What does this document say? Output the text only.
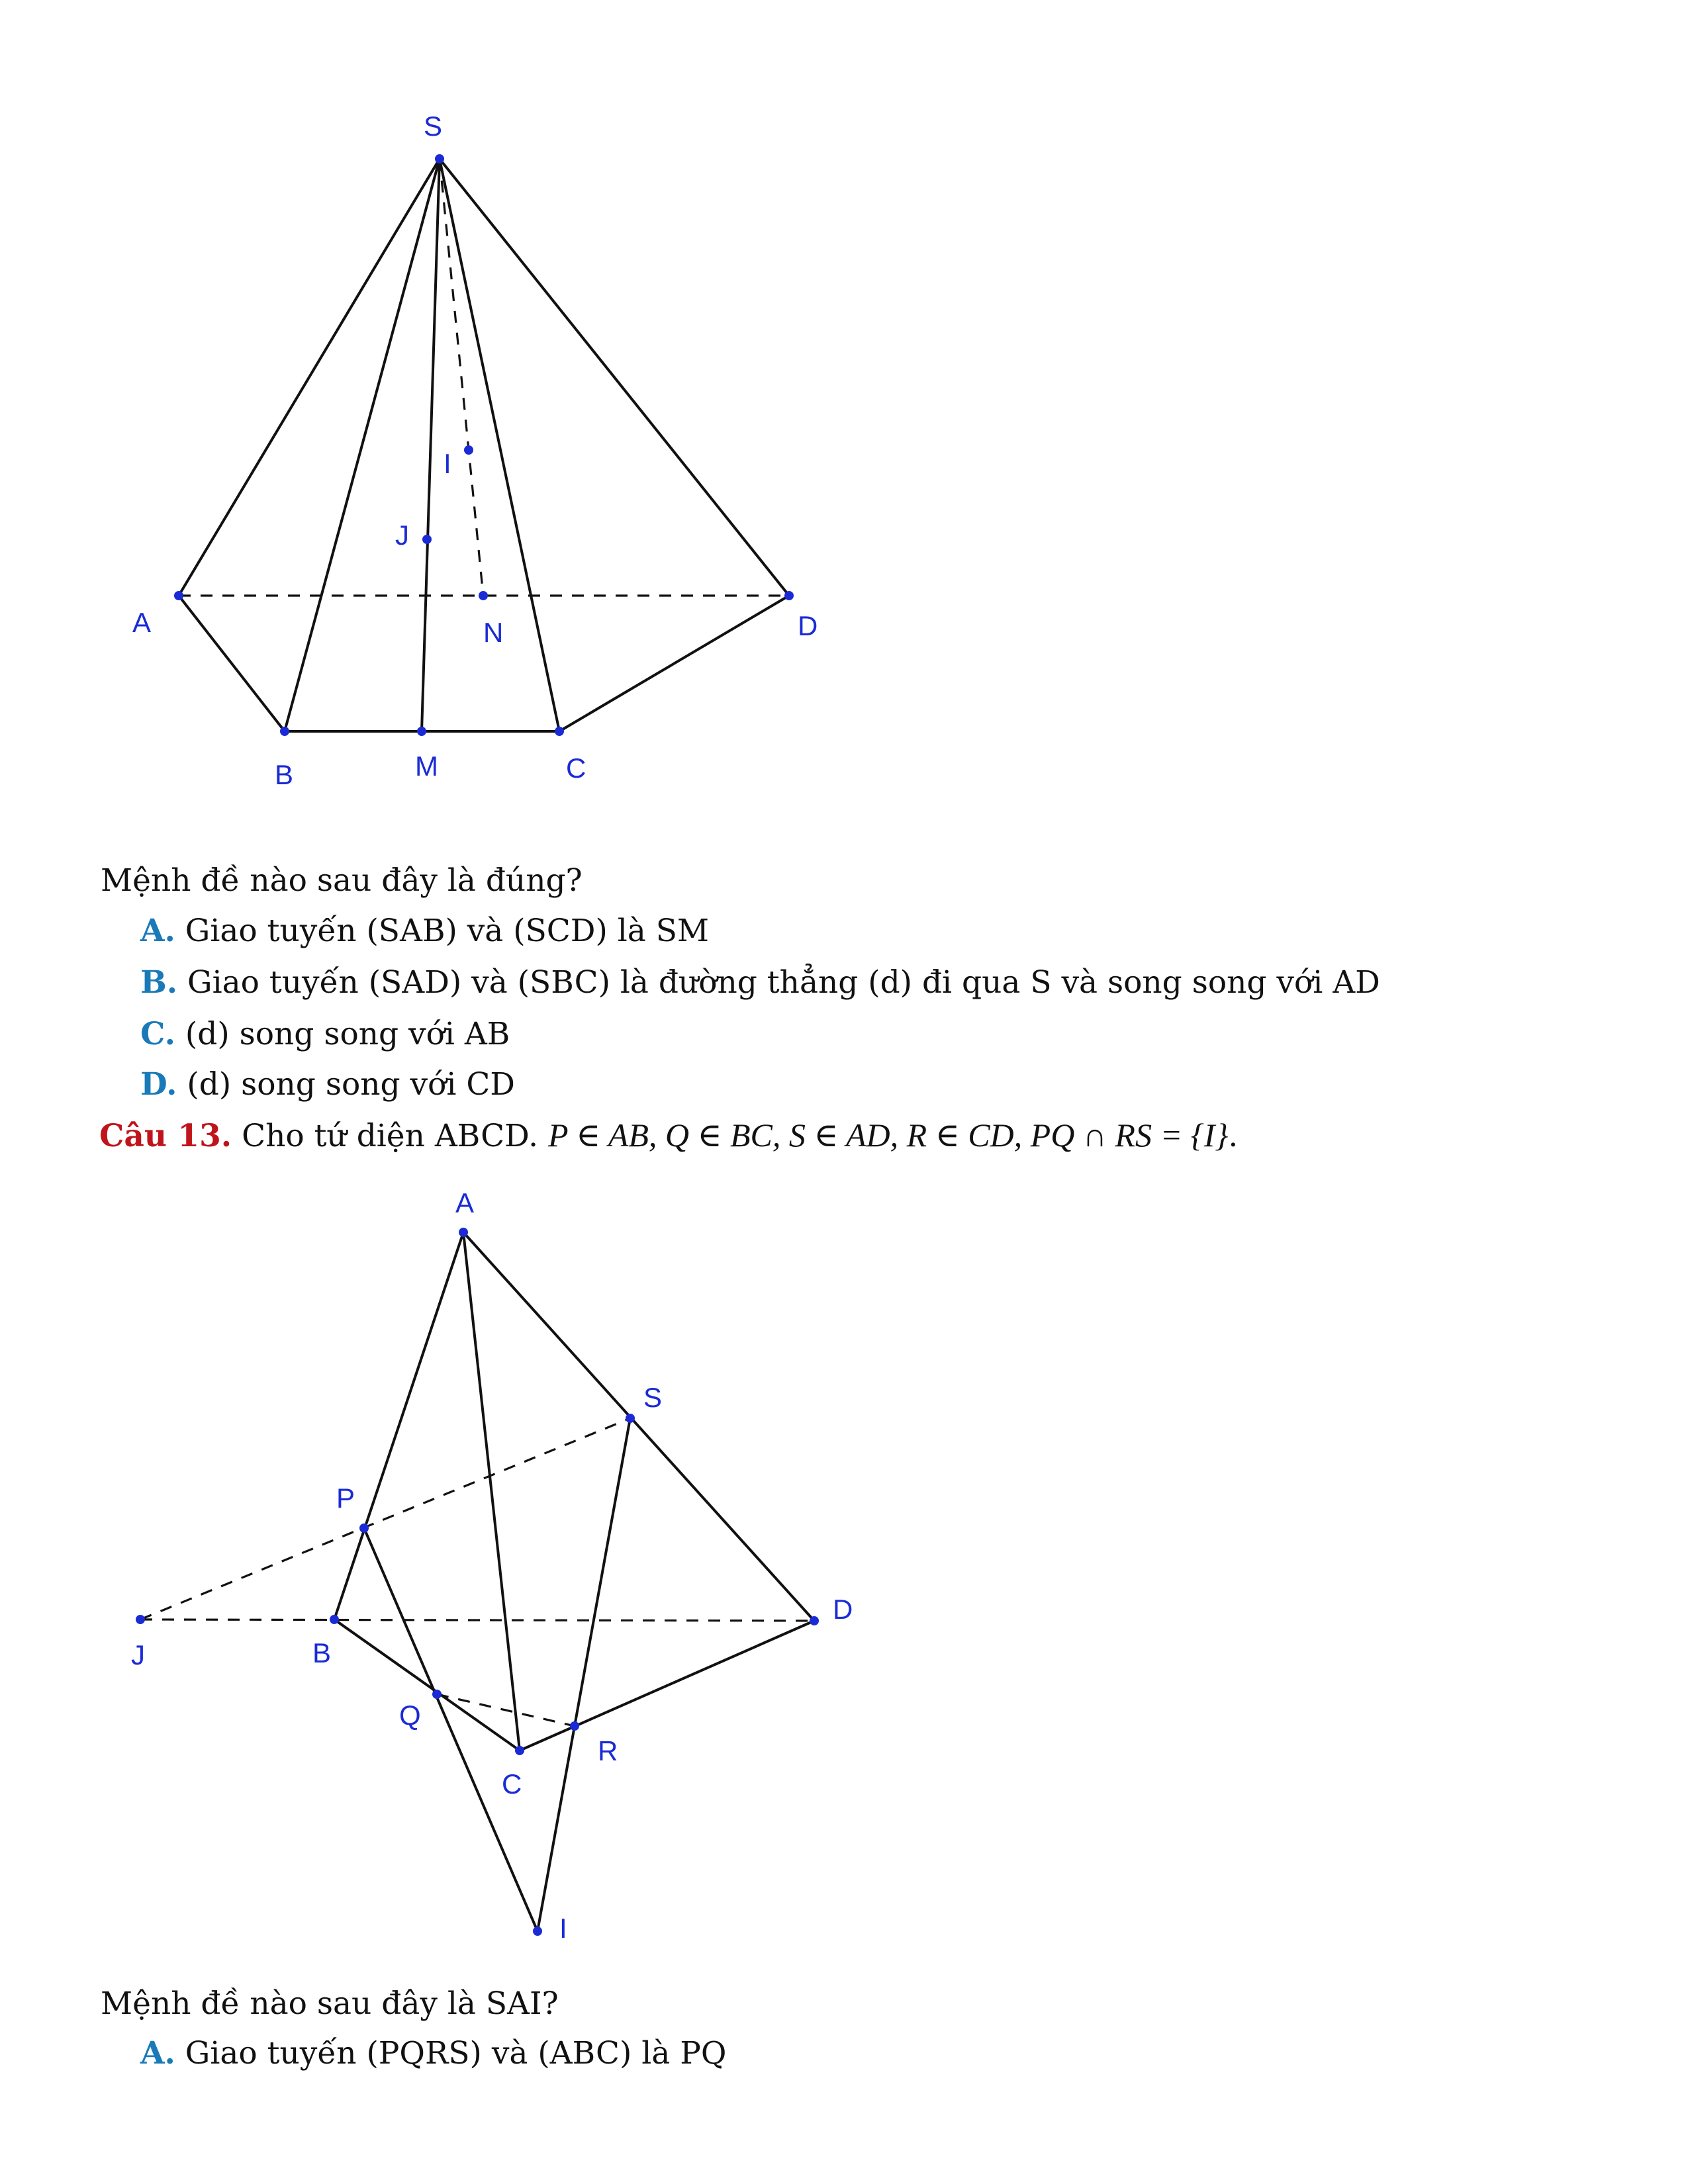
S
A
B	M	C
D
N
I
J
Mệnh đề nào sau đây là đúng?
A. Giao tuyến (SAB) và (SCD) là SM
B. Giao tuyến (SAD) và (SBC) là đường thẳng (d) đi qua S và song song với AD
C. (d) song song với AB
D. (d) song song với CD
Câu 13. Cho tứ diện ABCD. P ∈ AB, Q ∈ BC, S ∈ AD, R ∈ CD, PQ ∩ RS = {I}.
A
S
P
D
J	B
Q
R
C
I
Mệnh đề nào sau đây là SAI?
A. Giao tuyến (PQRS) và (ABC) là PQ
